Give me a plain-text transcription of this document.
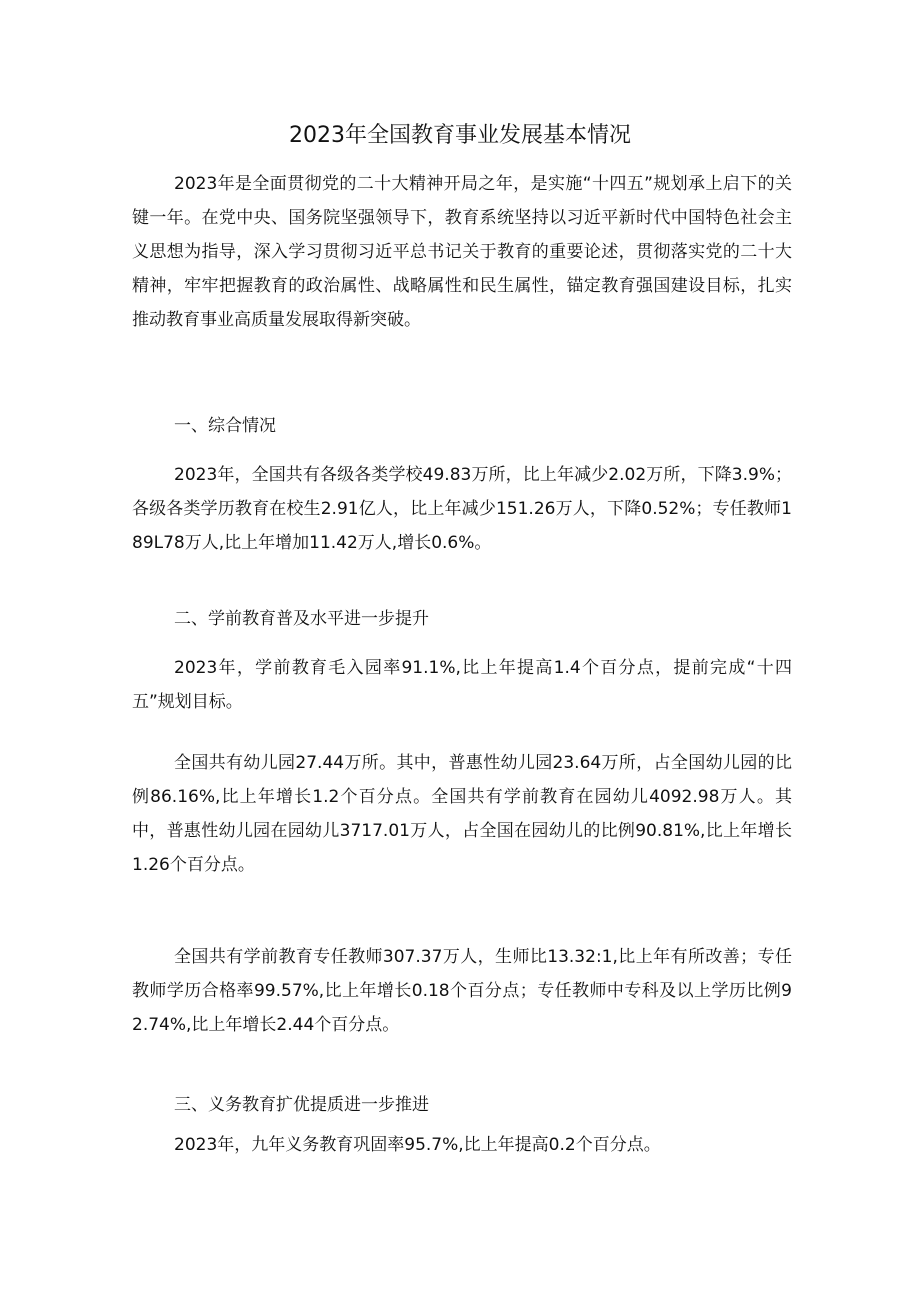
2023年全国教育事业发展基本情况

2023年是全面贯彻党的二十大精神开局之年，是实施“十四五”规划承上启下的关键一年。在党中央、国务院坚强领导下，教育系统坚持以习近平新时代中国特色社会主义思想为指导，深入学习贯彻习近平总书记关于教育的重要论述，贯彻落实党的二十大精神，牢牢把握教育的政治属性、战略属性和民生属性，锚定教育强国建设目标，扎实推动教育事业高质量发展取得新突破。

一、综合情况

2023年，全国共有各级各类学校49.83万所，比上年减少2.02万所，下降3.9%；各级各类学历教育在校生2.91亿人，比上年减少151.26万人，下降0.52%；专任教师189L78万人,比上年增加11.42万人,增长0.6%。

二、学前教育普及水平进一步提升

2023年，学前教育毛入园率91.1%,比上年提高1.4个百分点，提前完成“十四五”规划目标。

全国共有幼儿园27.44万所。其中，普惠性幼儿园23.64万所，占全国幼儿园的比例86.16%,比上年增长1.2个百分点。全国共有学前教育在园幼儿4092.98万人。其中，普惠性幼儿园在园幼儿3717.01万人，占全国在园幼儿的比例90.81%,比上年增长1.26个百分点。

全国共有学前教育专任教师307.37万人，生师比13.32:1,比上年有所改善；专任教师学历合格率99.57%,比上年增长0.18个百分点；专任教师中专科及以上学历比例92.74%,比上年增长2.44个百分点。

三、义务教育扩优提质进一步推进

2023年，九年义务教育巩固率95.7%,比上年提高0.2个百分点。
